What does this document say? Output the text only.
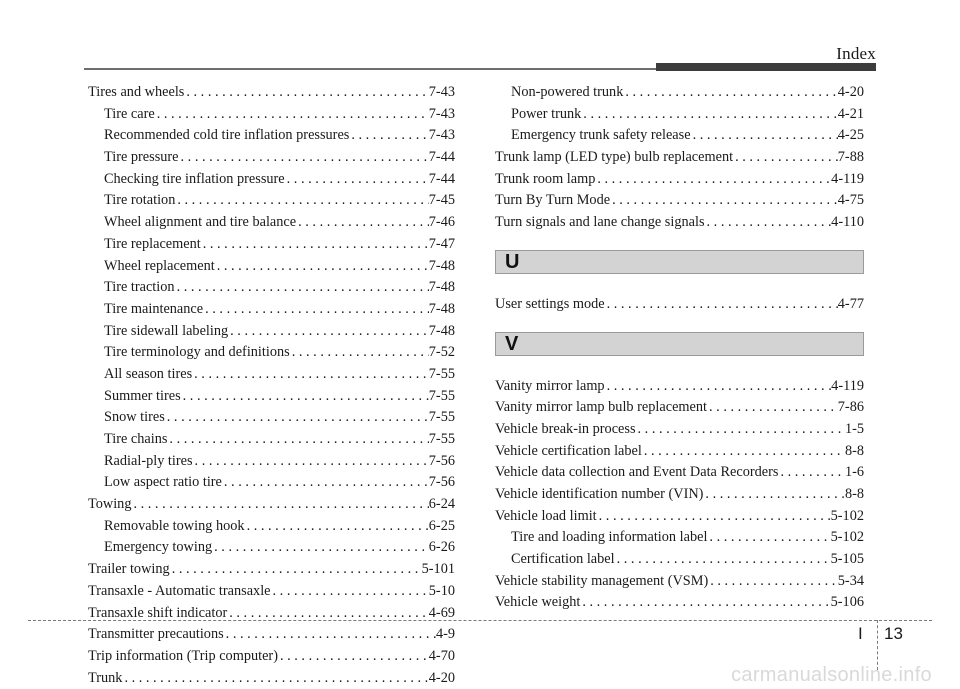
Index
Tires and wheels . . .	7-43
Tire care . . .	7-43
Recommended cold tire inflation pressures . . .	7-43
Tire pressure . . .	7-44
Checking tire inflation pressure . . .	7-44
Tire rotation . . .	7-45
Wheel alignment and tire balance . . .	7-46
Tire replacement . . .	7-47
Wheel replacement . . .	7-48
Tire traction . . .	7-48
Tire maintenance . . .	7-48
Tire sidewall labeling . . .	7-48
Tire terminology and definitions . . .	7-52
All season tires . . .	7-55
Summer tires . . .	7-55
Snow tires . . .	7-55
Tire chains . . .	7-55
Radial-ply tires . . .	7-56
Low aspect ratio tire . . .	7-56
Towing . . .	6-24
Removable towing hook . . .	6-25
Emergency towing . . .	6-26
Trailer towing . . .	5-101
Transaxle - Automatic transaxle . . .	5-10
Transaxle shift indicator . . .	4-69
Transmitter precautions . . .	4-9
Trip information (Trip computer) . . .	4-70
Trunk . . .	4-20
Non-powered trunk . . .	4-20
Power trunk . . .	4-21
Emergency trunk safety release . . .	4-25
Trunk lamp (LED type) bulb replacement . . .	7-88
Trunk room lamp . . .	4-119
Turn By Turn Mode . . .	4-75
Turn signals and lane change signals . . .	4-110
U
User settings mode . . .	4-77
V
Vanity mirror lamp . . .	4-119
Vanity mirror lamp bulb replacement . . .	7-86
Vehicle break-in process . . .	1-5
Vehicle certification label . . .	8-8
Vehicle data collection and Event Data Recorders . . .	1-6
Vehicle identification number (VIN) . . .	8-8
Vehicle load limit . . .	5-102
Tire and loading information label . . .	5-102
Certification label . . .	5-105
Vehicle stability management (VSM) . . .	5-34
Vehicle weight . . .	5-106
I 13
carmanualsonline.info
